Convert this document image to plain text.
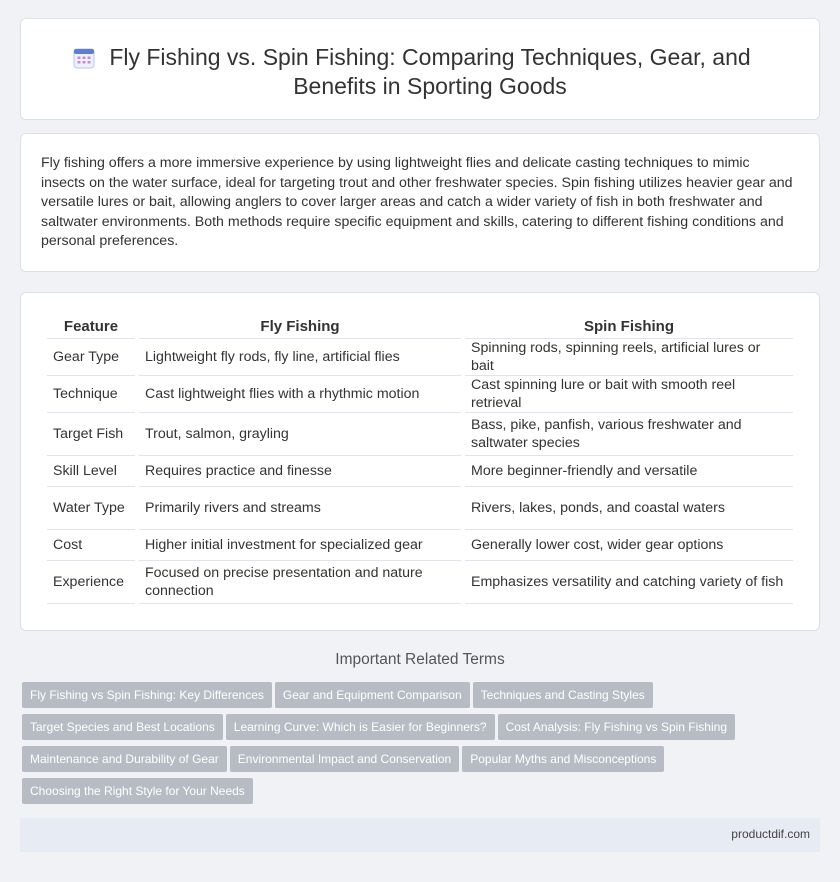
Fly Fishing vs. Spin Fishing: Comparing Techniques, Gear, and Benefits in Sporting Goods

Fly fishing offers a more immersive experience by using lightweight flies and delicate casting techniques to mimic insects on the water surface, ideal for targeting trout and other freshwater species. Spin fishing utilizes heavier gear and versatile lures or bait, allowing anglers to cover larger areas and catch a wider variety of fish in both freshwater and saltwater environments. Both methods require specific equipment and skills, catering to different fishing conditions and personal preferences.

Feature	Fly Fishing	Spin Fishing
Gear Type	Lightweight fly rods, fly line, artificial flies	Spinning rods, spinning reels, artificial lures or bait
Technique	Cast lightweight flies with a rhythmic motion	Cast spinning lure or bait with smooth reel retrieval
Target Fish	Trout, salmon, grayling	Bass, pike, panfish, various freshwater and saltwater species
Skill Level	Requires practice and finesse	More beginner-friendly and versatile
Water Type	Primarily rivers and streams	Rivers, lakes, ponds, and coastal waters
Cost	Higher initial investment for specialized gear	Generally lower cost, wider gear options
Experience	Focused on precise presentation and nature connection	Emphasizes versatility and catching variety of fish
Important Related Terms
Fly Fishing vs Spin Fishing: Key Differences Gear and Equipment Comparison Techniques and Casting Styles
Target Species and Best Locations Learning Curve: Which is Easier for Beginners? Cost Analysis: Fly Fishing vs Spin Fishing
Maintenance and Durability of Gear Environmental Impact and Conservation Popular Myths and Misconceptions
Choosing the Right Style for Your Needs
productdif.com
